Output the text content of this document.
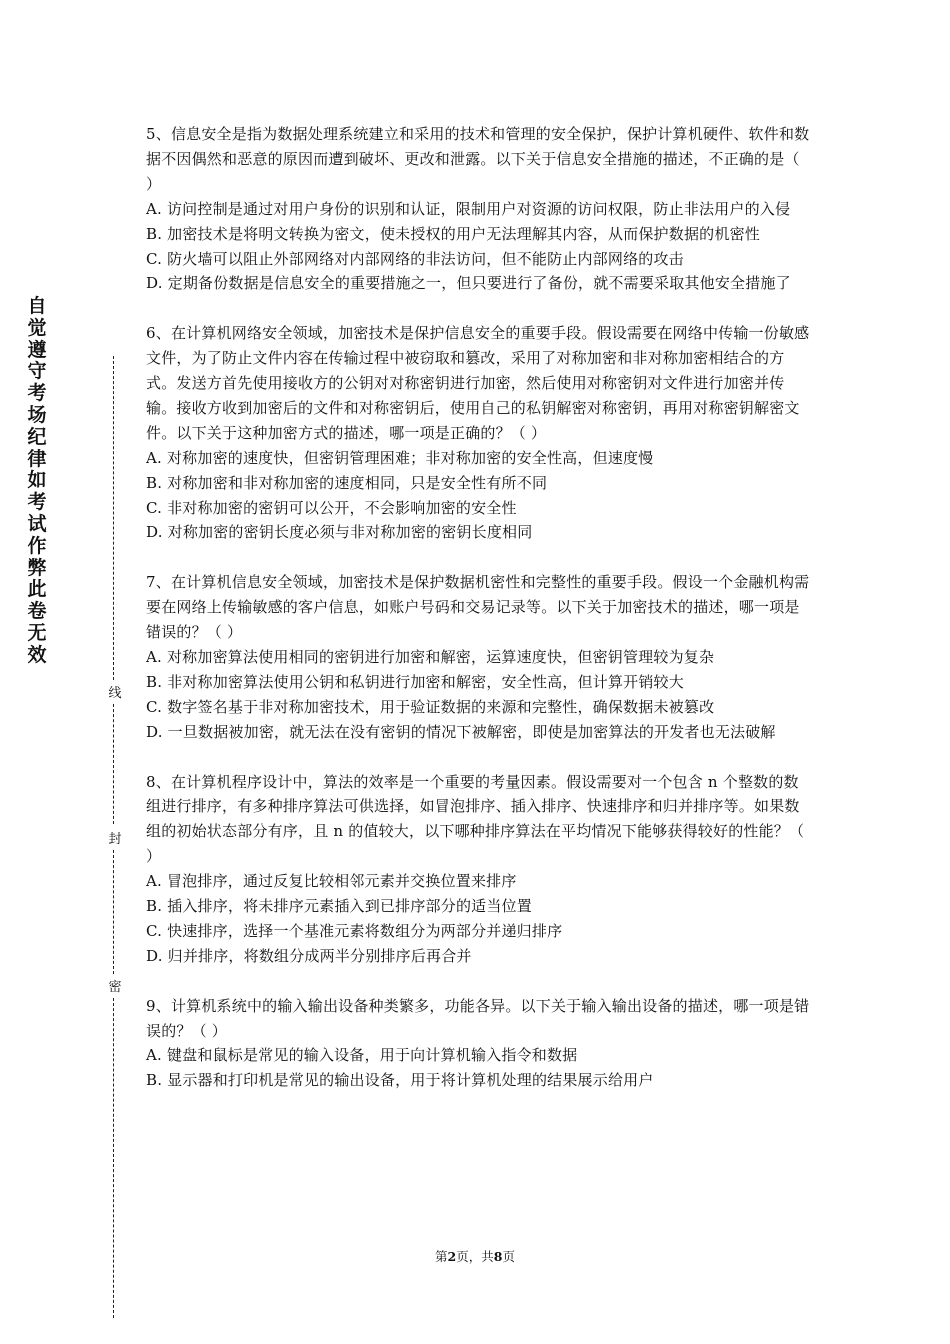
自觉遵守考场纪律如考试作弊此卷无效
线
封
密

5、信息安全是指为数据处理系统建立和采用的技术和管理的安全保护，保护计算机硬件、软件和数据不因偶然和恶意的原因而遭到破坏、更改和泄露。以下关于信息安全措施的描述，不正确的是（ ）

A. 访问控制是通过对用户身份的识别和认证，限制用户对资源的访问权限，防止非法用户的入侵

B. 加密技术是将明文转换为密文，使未授权的用户无法理解其内容，从而保护数据的机密性

C. 防火墙可以阻止外部网络对内部网络的非法访问，但不能防止内部网络的攻击

D. 定期备份数据是信息安全的重要措施之一，但只要进行了备份，就不需要采取其他安全措施了

6、在计算机网络安全领域，加密技术是保护信息安全的重要手段。假设需要在网络中传输一份敏感文件，为了防止文件内容在传输过程中被窃取和篡改，采用了对称加密和非对称加密相结合的方式。发送方首先使用接收方的公钥对对称密钥进行加密，然后使用对称密钥对文件进行加密并传输。接收方收到加密后的文件和对称密钥后，使用自己的私钥解密对称密钥，再用对称密钥解密文件。以下关于这种加密方式的描述，哪一项是正确的？（ ）

A. 对称加密的速度快，但密钥管理困难；非对称加密的安全性高，但速度慢

B. 对称加密和非对称加密的速度相同，只是安全性有所不同

C. 非对称加密的密钥可以公开，不会影响加密的安全性

D. 对称加密的密钥长度必须与非对称加密的密钥长度相同

7、在计算机信息安全领域，加密技术是保护数据机密性和完整性的重要手段。假设一个金融机构需要在网络上传输敏感的客户信息，如账户号码和交易记录等。以下关于加密技术的描述，哪一项是错误的？（ ）

A. 对称加密算法使用相同的密钥进行加密和解密，运算速度快，但密钥管理较为复杂

B. 非对称加密算法使用公钥和私钥进行加密和解密，安全性高，但计算开销较大

C. 数字签名基于非对称加密技术，用于验证数据的来源和完整性，确保数据未被篡改

D. 一旦数据被加密，就无法在没有密钥的情况下被解密，即使是加密算法的开发者也无法破解

8、在计算机程序设计中，算法的效率是一个重要的考量因素。假设需要对一个包含 n 个整数的数组进行排序，有多种排序算法可供选择，如冒泡排序、插入排序、快速排序和归并排序等。如果数组的初始状态部分有序，且 n 的值较大，以下哪种排序算法在平均情况下能够获得较好的性能？（ ）

A. 冒泡排序，通过反复比较相邻元素并交换位置来排序

B. 插入排序，将未排序元素插入到已排序部分的适当位置

C. 快速排序，选择一个基准元素将数组分为两部分并递归排序

D. 归并排序，将数组分成两半分别排序后再合并

9、计算机系统中的输入输出设备种类繁多，功能各异。以下关于输入输出设备的描述，哪一项是错误的？（ ）

A. 键盘和鼠标是常见的输入设备，用于向计算机输入指令和数据

B. 显示器和打印机是常见的输出设备，用于将计算机处理的结果展示给用户

第2页，共8页
